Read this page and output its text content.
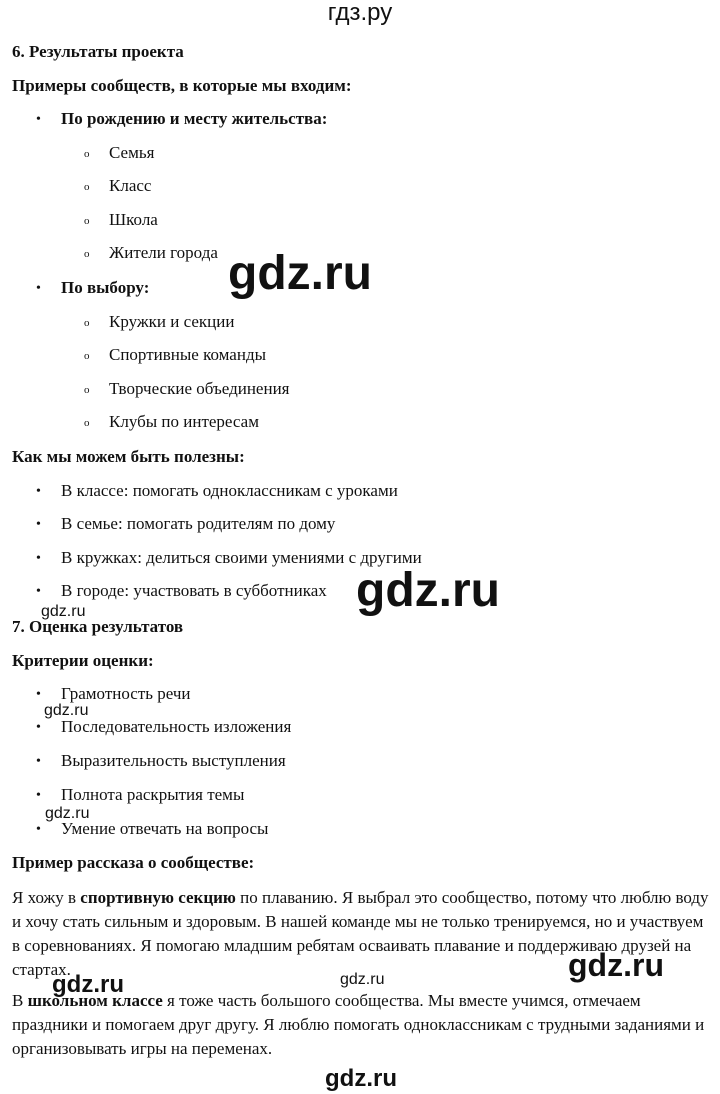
гдз.ру
6. Результаты проекта
Примеры сообществ, в которые мы входим:
• По рождению и месту жительства:
o Семья
o Класс
o Школа
o Жители города
• По выбору:
o Кружки и секции
o Спортивные команды
o Творческие объединения
o Клубы по интересам
Как мы можем быть полезны:
• В классе: помогать одноклассникам с уроками
• В семье: помогать родителям по дому
• В кружках: делиться своими умениями с другими
• В городе: участвовать в субботниках
7. Оценка результатов
Критерии оценки:
• Грамотность речи
• Последовательность изложения
• Выразительность выступления
• Полнота раскрытия темы
• Умение отвечать на вопросы
Пример рассказа о сообществе:
Я хожу в спортивную секцию по плаванию. Я выбрал это сообщество, потому что люблю воду и хочу стать сильным и здоровым. В нашей команде мы не только тренируемся, но и участвуем в соревнованиях. Я помогаю младшим ребятам осваивать плавание и поддерживаю друзей на стартах.
В школьном классе я тоже часть большого сообщества. Мы вместе учимся, отмечаем праздники и помогаем друг другу. Я люблю помогать одноклассникам с трудными заданиями и организовывать игры на переменах.
gdz.ru
gdz.ru
gdz.ru
gdz.ru
gdz.ru
gdz.ru
gdz.ru
gdz.ru
gdz.ru
